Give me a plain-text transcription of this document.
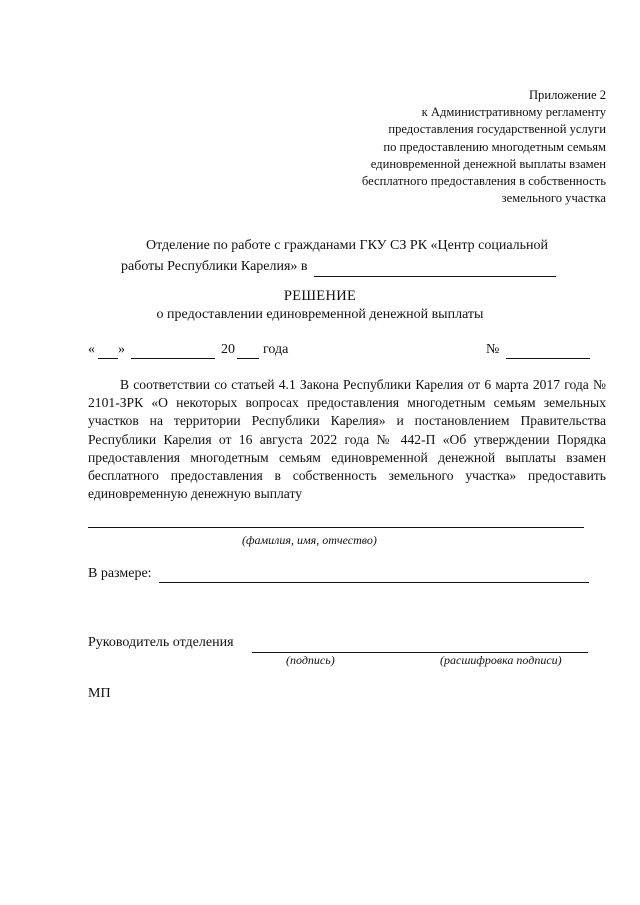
Приложение 2
к Административному регламенту
предоставления государственной услуги
по предоставлению многодетным семьям
единовременной денежной выплаты взамен
бесплатного предоставления в собственность
земельного участка
Отделение по работе с гражданами ГКУ СЗ РК «Центр социальной
работы Республики Карелия» в
РЕШЕНИЕ
о предоставлении единовременной денежной выплаты
« »	20 года	№
В соответствии со статьей 4.1 Закона Республики Карелия от 6 марта 2017 года № 2101-ЗРК «О некоторых вопросах предоставления многодетным семьям земельных участков на территории Республики Карелия» и постановлением Правительства Республики Карелия от 16 августа 2022 года № 442-П «Об утверждении Порядка предоставления многодетным семьям единовременной денежной выплаты взамен бесплатного предоставления в собственность земельного участка» предоставить единовременную денежную выплату
(фамилия, имя, отчество)
В размере:
Руководитель отделения
(подпись)	(расшифровка подписи)
МП
